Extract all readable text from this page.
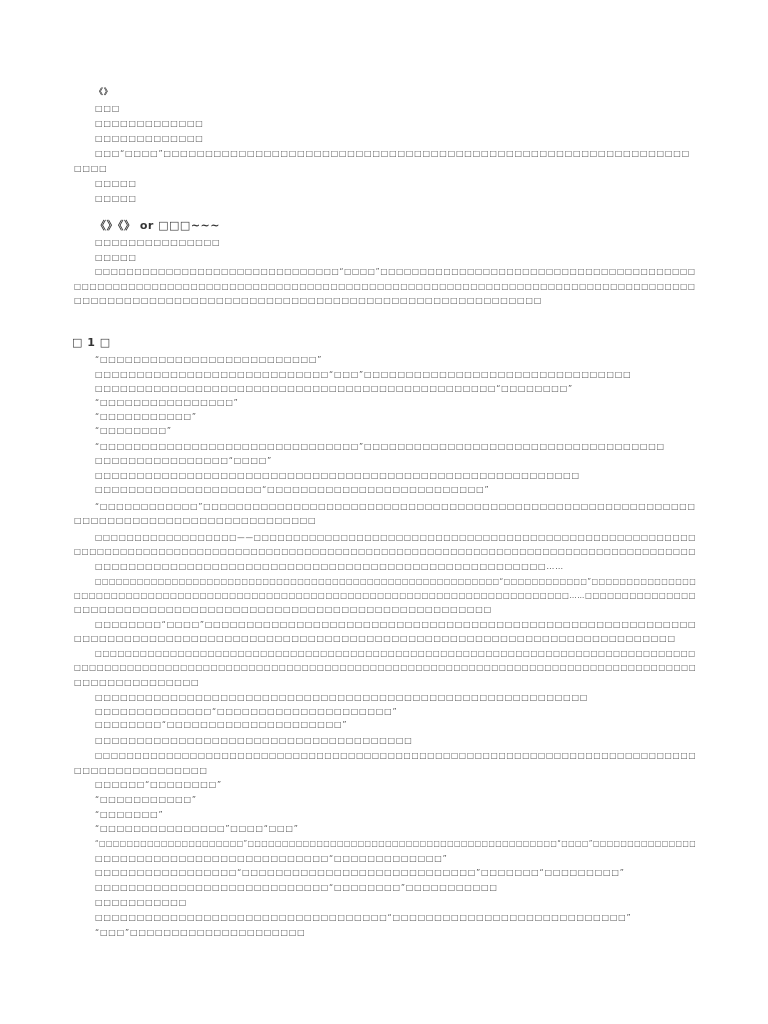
《》
□□□
□□□□□□□□□□□□□
□□□□□□□□□□□□□
□□□“□□□□”□□□□□□□□□□□□□□□□□□□□□□□□□□□□□□□□□□□□□□□□□□□□□□□□□□□□□□□□□□□□□□□
□□□□
□□□□□
□□□□□
《》《》 or □□□~~~
□□□□□□□□□□□□□□□
□□□□□
□□□□□□□□□□□□□□□□□□□□□□□□□□□□□□□“□□□□”□□□□□□□□□□□□□□□□□□□□□□□□□□□□□□□□□□□□□□□□
□□□□□□□□□□□□□□□□□□□□□□□□□□□□□□□□□□□□□□□□□□□□□□□□□□□□□□□□□□□□□□□□□□□□□□□□□□□□□□□□
□□□□□□□□□□□□□□□□□□□□□□□□□□□□□□□□□□□□□□□□□□□□□□□□□□□□□□□□
□ 1 □
“□□□□□□□□□□□□□□□□□□□□□□□□□□”
□□□□□□□□□□□□□□□□□□□□□□□□□□□□“□□□”□□□□□□□□□□□□□□□□□□□□□□□□□□□□□□□□
□□□□□□□□□□□□□□□□□□□□□□□□□□□□□□□□□□□□□□□□□□□□□□□□“□□□□□□□□”
“□□□□□□□□□□□□□□□□”
“□□□□□□□□□□□”
“□□□□□□□□”
“□□□□□□□□□□□□□□□□□□□□□□□□□□□□□□□”□□□□□□□□□□□□□□□□□□□□□□□□□□□□□□□□□□□□
□□□□□□□□□□□□□□□□“□□□□”
□□□□□□□□□□□□□□□□□□□□□□□□□□□□□□□□□□□□□□□□□□□□□□□□□□□□□□□□□□
□□□□□□□□□□□□□□□□□□□□“□□□□□□□□□□□□□□□□□□□□□□□□□□”
“□□□□□□□□□□□□”□□□□□□□□□□□□□□□□□□□□□□□□□□□□□□□□□□□□□□□□□□□□□□□□□□□□□□□□□□□□
□□□□□□□□□□□□□□□□□□□□□□□□□□□□□
□□□□□□□□□□□□□□□□□□——□□□□□□□□□□□□□□□□□□□□□□□□□□□□□□□□□□□□□□□□□□□□□□□□□□□□□□□□
□□□□□□□□□□□□□□□□□□□□□□□□□□□□□□□□□□□□□□□□□□□□□□□□□□□□□□□□□□□□□□□□□□□□□□□□□□□□□□□□□
□□□□□□□□□□□□□□□□□□□□□□□□□□□□□□□□□□□□□□□□□□□□□□□□□□□□□□……
□□□□□□□□□□□□□□□□□□□□□□□□□□□□□□□□□□□□□□□□□□□□□□□□□□□□□□□□□□“□□□□□□□□□□□□”□□□□□□□□□□□□□□□
□□□□□□□□□□□□□□□□□□□□□□□□□□□□□□□□□□□□□□□□□□□□□□□□□□□□□□□□□□□□□□□□□□□……□□□□□□□□□□□□□□□
□□□□□□□□□□□□□□□□□□□□□□□□□□□□□□□□□□□□□□□□□□□□□□□□□□
□□□□□□□□“□□□□”□□□□□□□□□□□□□□□□□□□□□□□□□□□□□□□□□□□□□□□□□□□□□□□□□□□□□□□□□□□
□□□□□□□□□□□□□□□□□□□□□□□□□□□□□□□□□□□□□□□□□□□□□□□□□□□□□□□□□□□□□□□□□□□□□□□□
□□□□□□□□□□□□□□□□□□□□□□□□□□□□□□□□□□□□□□□□□□□□□□□□□□□□□□□□□□□□□□□□□□□□□□□□□□□□□□□□
□□□□□□□□□□□□□□□□□□□□□□□□□□□□□□□□□□□□□□□□□□□□□□□□□□□□□□□□□□□□□□□□□□□□□□□□□□□□□□□□□□
□□□□□□□□□□□□□□□
□□□□□□□□□□□□□□□□□□□□□□□□□□□□□□□□□□□□□□□□□□□□□□□□□□□□□□□□□□□
□□□□□□□□□□□□□□“□□□□□□□□□□□□□□□□□□□□□”
□□□□□□□□“□□□□□□□□□□□□□□□□□□□□□”
□□□□□□□□□□□□□□□□□□□□□□□□□□□□□□□□□□□□□□
□□□□□□□□□□□□□□□□□□□□□□□□□□□□□□□□□□□□□□□□□□□□□□□□□□□□□□□□□□□□□□□□□□□□□□□□□□□□
□□□□□□□□□□□□□□□□
□□□□□□“□□□□□□□□”
“□□□□□□□□□□□”
“□□□□□□□”
“□□□□□□□□□□□□□□□”□□□□“□□□”
“□□□□□□□□□□□□□□□□□□□□□”□□□□□□□□□□□□□□□□□□□□□□□□□□□□□□□□□□□□□□□□□□□□□“□□□□”□□□□□□□□□□□□□□□
□□□□□□□□□□□□□□□□□□□□□□□□□□□□“□□□□□□□□□□□□□”
□□□□□□□□□□□□□□□□□“□□□□□□□□□□□□□□□□□□□□□□□□□□□□”□□□□□□□“□□□□□□□□□”
□□□□□□□□□□□□□□□□□□□□□□□□□□□□“□□□□□□□□”□□□□□□□□□□□
□□□□□□□□□□□
□□□□□□□□□□□□□□□□□□□□□□□□□□□□□□□□□□□“□□□□□□□□□□□□□□□□□□□□□□□□□□□□”
“□□□”□□□□□□□□□□□□□□□□□□□□□
